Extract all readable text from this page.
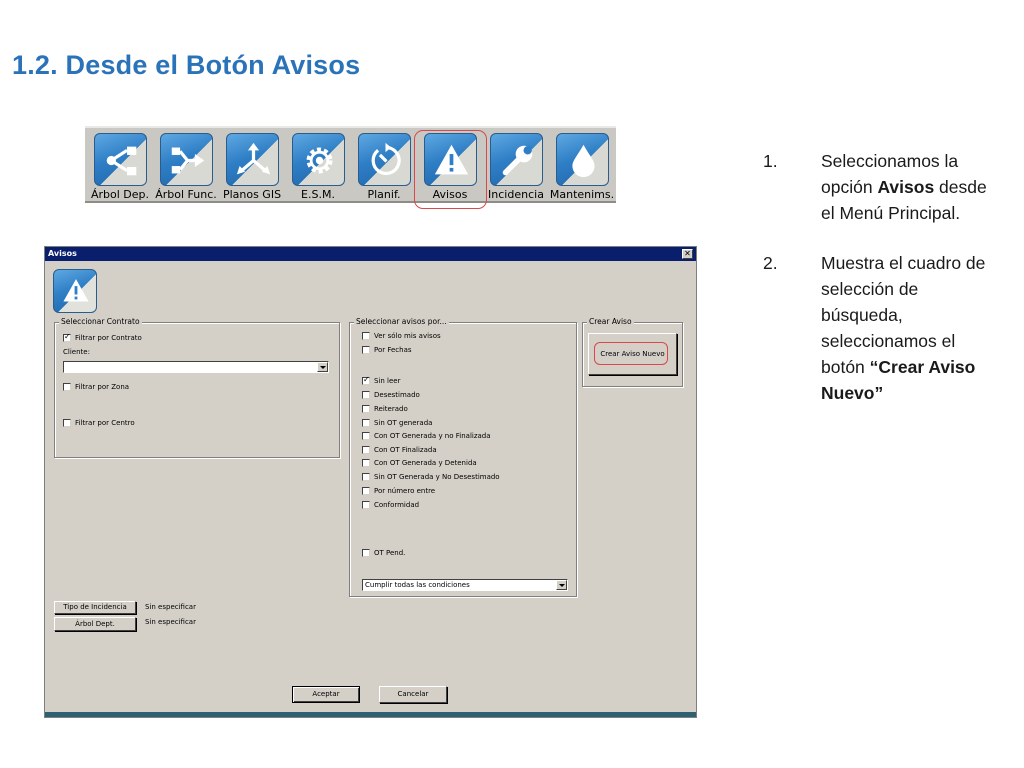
1.2. Desde el Botón Avisos
Árbol Dep. Árbol Func. Planos GIS	E.S.M.	Planif.	Avisos	Incidencia Mantenims.
1. Seleccionamos la opción Avisos desde el Menú Principal.
2. Muestra el cuadro de selección de búsqueda, seleccionamos el botón “Crear Aviso Nuevo”
Avisos	✕
Seleccionar Contrato
✓
Filtrar por Contrato
Cliente:
Filtrar por Zona
Filtrar por Centro
Seleccionar avisos por...
Ver sólo mis avisos
Por Fechas
✓
Sin leer
Desestimado
Reiterado
Sin OT generada
Con OT Generada y no Finalizada
Con OT Finalizada
Con OT Generada y Detenida
Sin OT Generada y No Desestimado
Por número entre
Conformidad
OT Pend.
Cumplir todas las condiciones
Crear Aviso
Crear Aviso Nuevo
Tipo de Incidencia	Sin especificar
Árbol Dept.	Sin especificar
Aceptar	Cancelar
